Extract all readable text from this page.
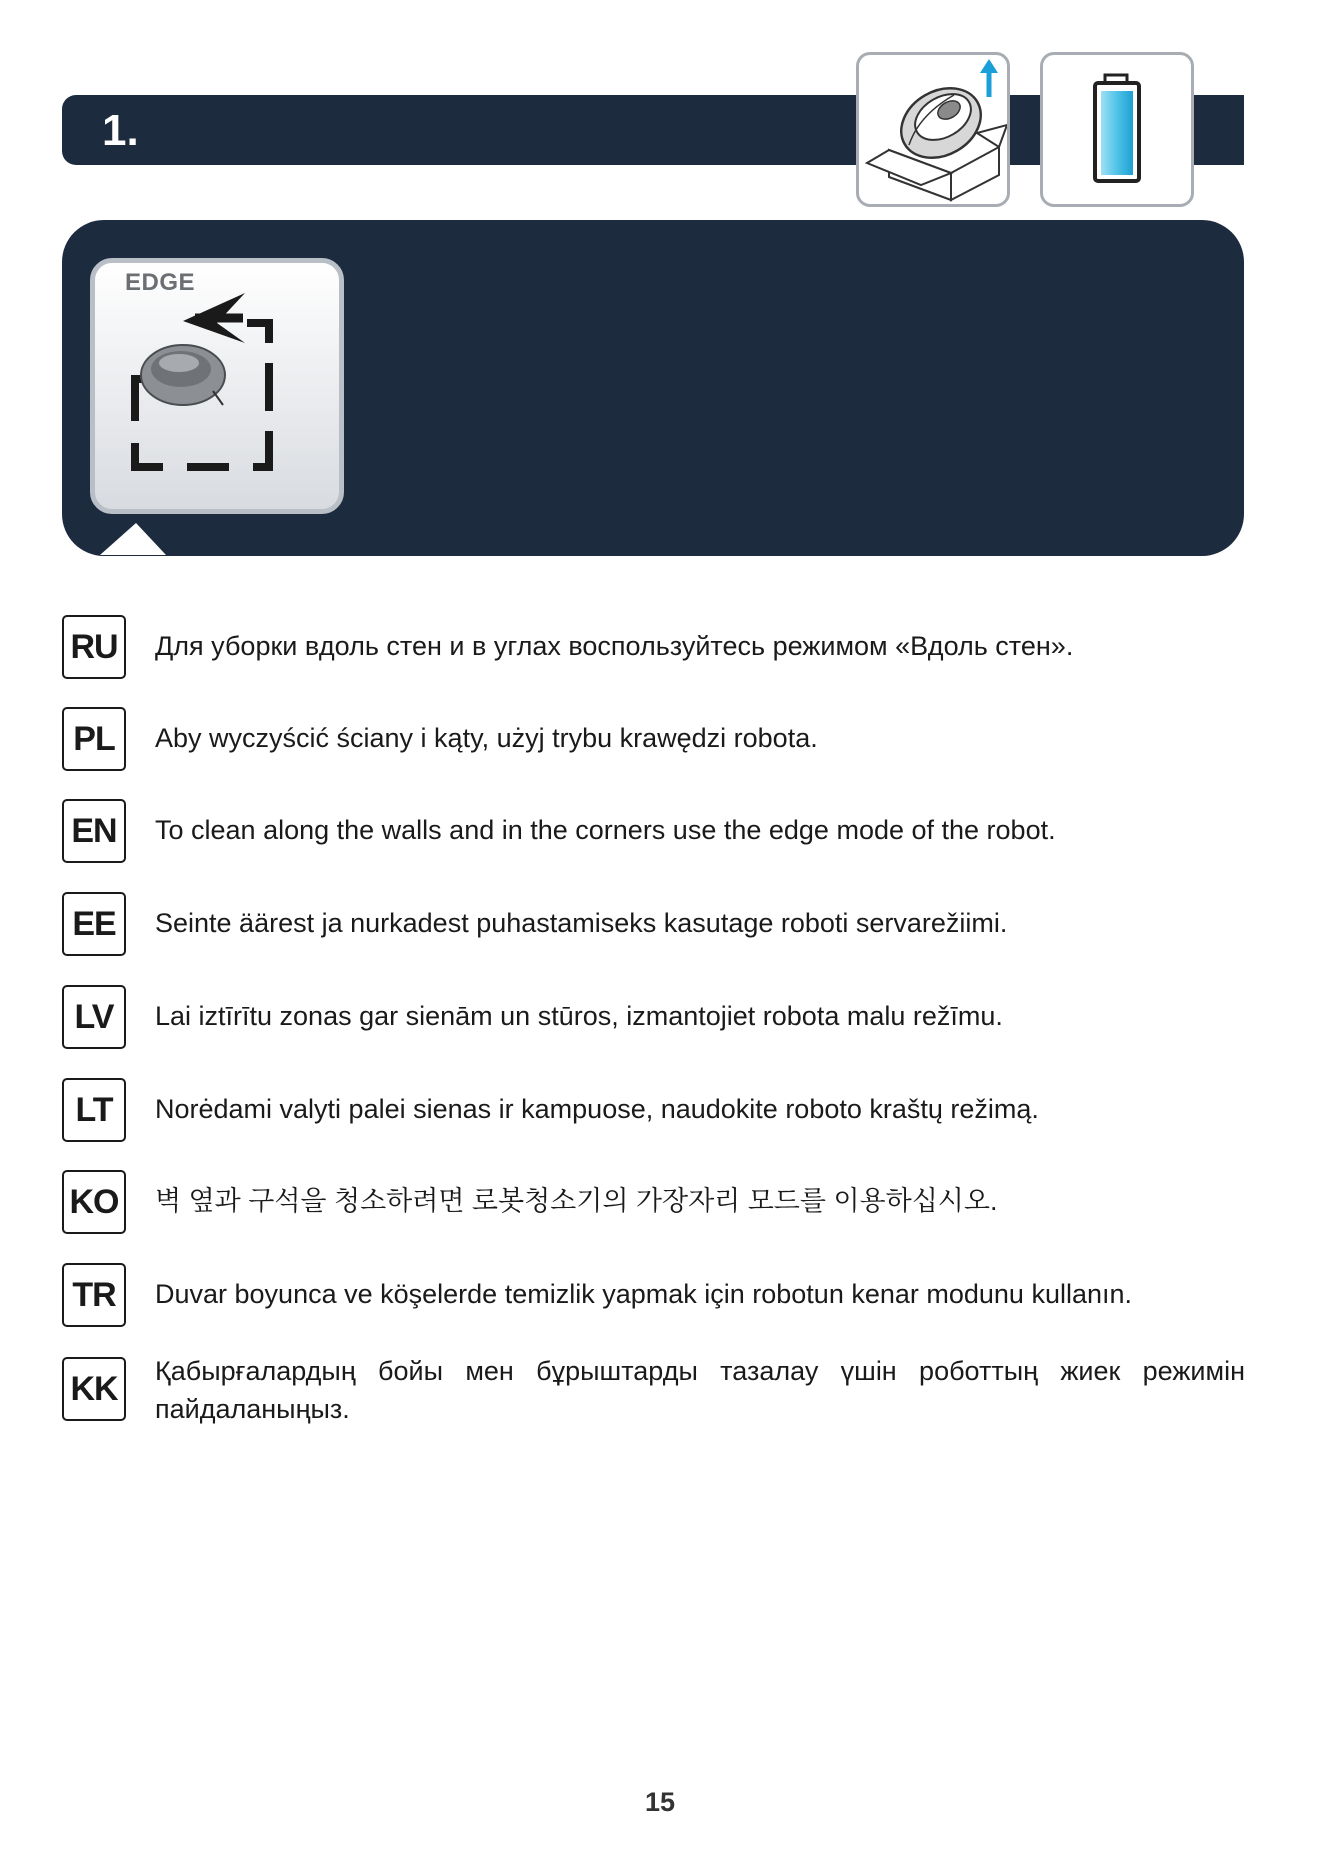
1.
EDGE
RU	Для уборки вдоль стен и в углах воспользуйтесь режимом «Вдоль стен».
PL	Aby wyczyścić ściany i kąty, użyj trybu krawędzi robota.
EN	To clean along the walls and in the corners use the edge mode of the robot.
EE	Seinte äärest ja nurkadest puhastamiseks kasutage roboti servarežiimi.
LV	Lai iztīrītu zonas gar sienām un stūros, izmantojiet robota malu režīmu.
LT	Norėdami valyti palei sienas ir kampuose, naudokite roboto kraštų režimą.
KO 벽 옆과 구석을 청소하려면 로봇청소기의 가장자리 모드를 이용하십시오.
TR	Duvar boyunca ve köşelerde temizlik yapmak için robotun kenar modunu kullanın.
KK	Қабырғалардың бойы мен бұрыштарды тазалау үшін роботтың жиек режимін пайдаланыңыз.
15
